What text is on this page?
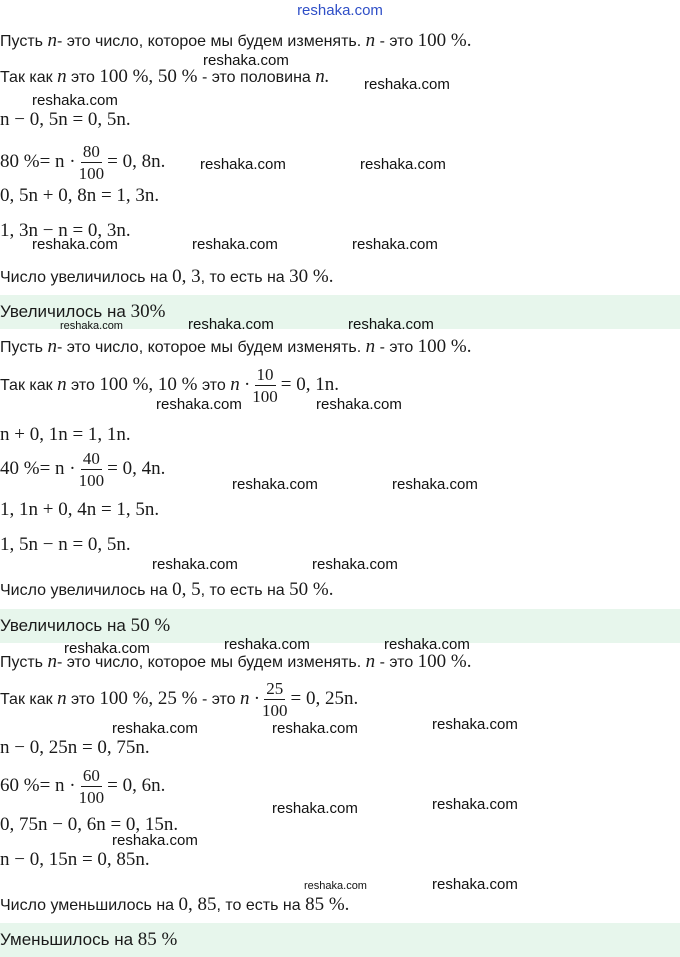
reshaka.com
Пусть n- это число, которое мы будем изменять. n - это 100 %.
Так как n это 100 %, 50 % - это половина n.
n − 0, 5n = 0, 5n.
80 %= $n \cdot \frac{80}{100} = 0$, 8n.
0, 5n + 0, 8n = 1, 3n.
1, 3n − n = 0, 3n.
Число увеличилось на 0, 3, то есть на 30 %.
Увеличилось на 30%
Пусть n- это число, которое мы будем изменять. n - это 100 %.
Так как n это 100 %, 10 % это $n \cdot \frac{10}{100} = 0$, 1n.
n + 0, 1n = 1, 1n.
40 %= $n \cdot \frac{40}{100} = 0$, 4n.
1, 1n + 0, 4n = 1, 5n.
1, 5n − n = 0, 5n.
Число увеличилось на 0, 5, то есть на 50 %.
Увеличилось на 50 %
Пусть n- это число, которое мы будем изменять. n - это 100 %.
Так как n это 100 %, 25 % - это $n \cdot \frac{25}{100} = 0$, 25n.
n − 0, 25n = 0, 75n.
60 %= $n \cdot \frac{60}{100} = 0$, 6n.
0, 75n − 0, 6n = 0, 15n.
n − 0, 15n = 0, 85n.
Число уменьшилось на 0, 85, то есть на 85 %.
Уменьшилось на 85 %
reshaka.com
reshaka.com
reshaka.com
reshaka.com	reshaka.com
reshaka.com	reshaka.com	reshaka.com
reshaka.com	reshaka.com	reshaka.com
reshaka.com	reshaka.com
reshaka.com	reshaka.com
reshaka.com	reshaka.com
reshaka.com	reshaka.com	reshaka.com
reshaka.com	reshaka.com	reshaka.com
reshaka.com	reshaka.com
reshaka.com
reshaka.com	reshaka.com
